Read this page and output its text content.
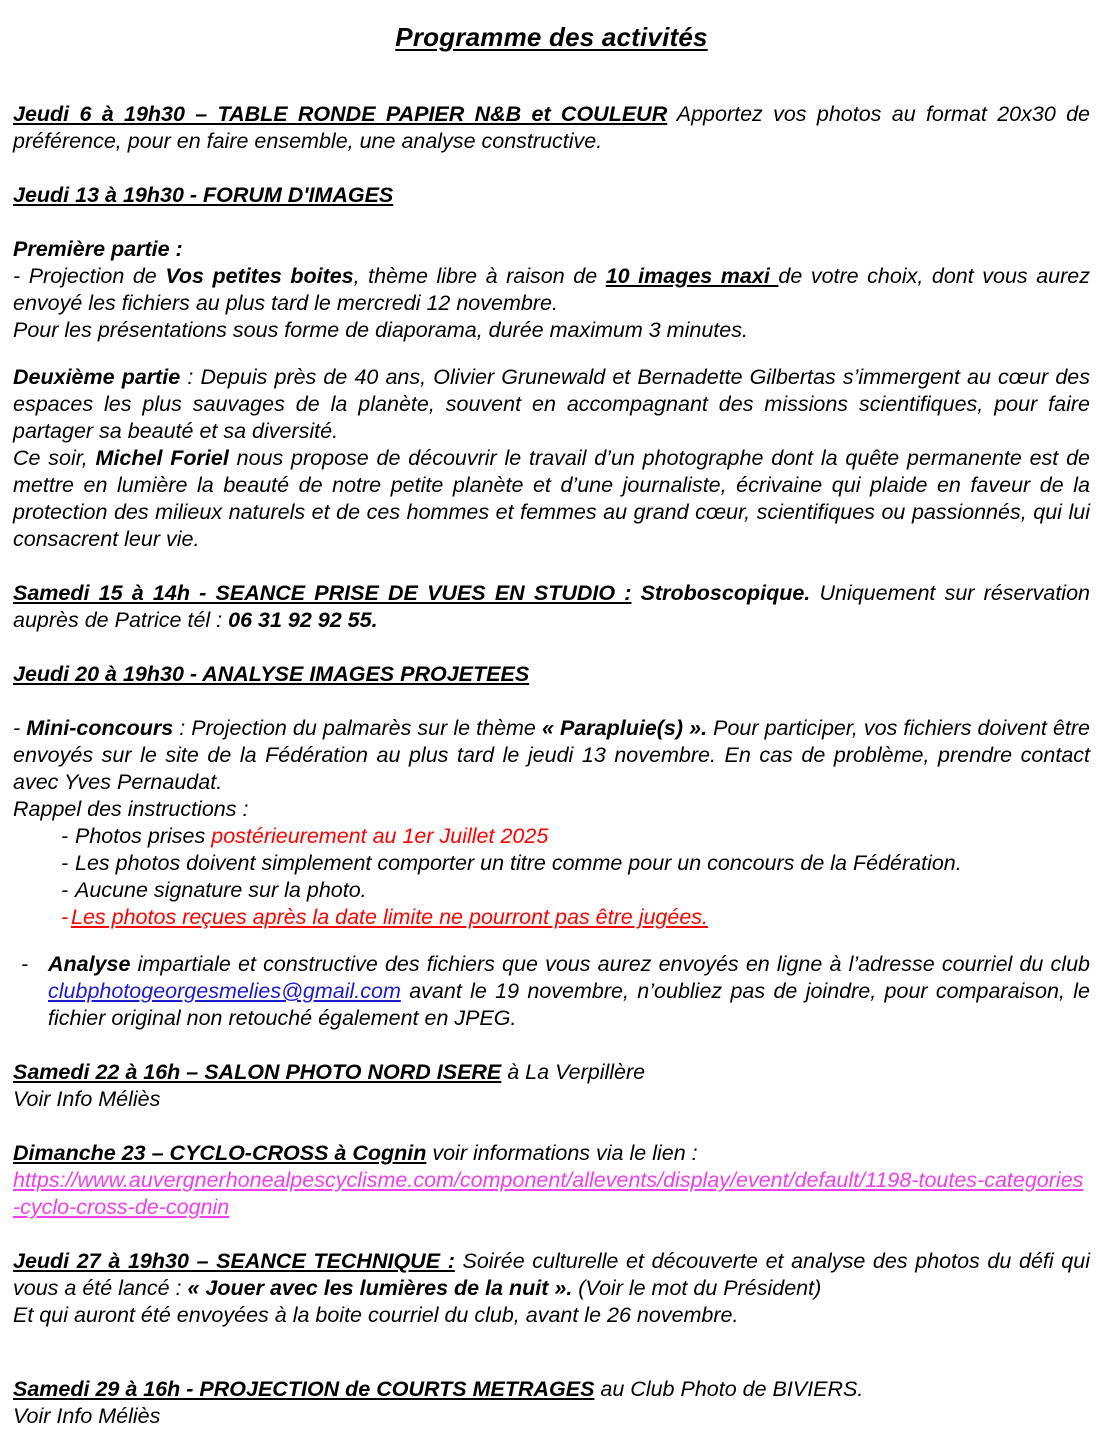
Programme des activités

Jeudi 6 à 19h30 – TABLE RONDE PAPIER N&B et COULEUR Apportez vos photos au format 20x30 de préférence, pour en faire ensemble, une analyse constructive.

Jeudi 13 à 19h30 - FORUM D'IMAGES

Première partie :

- Projection de Vos petites boites, thème libre à raison de 10 images maxi de votre choix, dont vous aurez envoyé les fichiers au plus tard le mercredi 12 novembre.

Pour les présentations sous forme de diaporama, durée maximum 3 minutes.

Deuxième partie : Depuis près de 40 ans, Olivier Grunewald et Bernadette Gilbertas s’immergent au cœur des espaces les plus sauvages de la planète, souvent en accompagnant des missions scientifiques, pour faire partager sa beauté et sa diversité.

Ce soir, Michel Foriel nous propose de découvrir le travail d’un photographe dont la quête permanente est de mettre en lumière la beauté de notre petite planète et d’une journaliste, écrivaine qui plaide en faveur de la protection des milieux naturels et de ces hommes et femmes au grand cœur, scientifiques ou passionnés, qui lui consacrent leur vie.

Samedi 15 à 14h - SEANCE PRISE DE VUES EN STUDIO : Stroboscopique. Uniquement sur réservation auprès de Patrice tél : 06 31 92 92 55.

Jeudi 20 à 19h30 - ANALYSE IMAGES PROJETEES

- Mini-concours : Projection du palmarès sur le thème « Parapluie(s) ». Pour participer, vos fichiers doivent être envoyés sur le site de la Fédération au plus tard le jeudi 13 novembre. En cas de problème, prendre contact avec Yves Pernaudat.

Rappel des instructions :

- Photos prises postérieurement au 1er Juillet 2025
- Les photos doivent simplement comporter un titre comme pour un concours de la Fédération.
- Aucune signature sur la photo.
- Les photos reçues après la date limite ne pourront pas être jugées.
- Analyse impartiale et constructive des fichiers que vous aurez envoyés en ligne à l’adresse courriel du club clubphotogeorgesmelies@gmail.com avant le 19 novembre, n’oubliez pas de joindre, pour comparaison, le fichier original non retouché également en JPEG.

Samedi 22 à 16h – SALON PHOTO NORD ISERE à La Verpillère

Voir Info Méliès

Dimanche 23 – CYCLO-CROSS à Cognin voir informations via le lien :

https://www.auvergnerhonealpescyclisme.com/component/allevents/display/event/default/1198-toutes-categories-cyclo-cross-de-cognin

Jeudi 27 à 19h30 – SEANCE TECHNIQUE : Soirée culturelle et découverte et analyse des photos du défi qui vous a été lancé : « Jouer avec les lumières de la nuit ». (Voir le mot du Président)

Et qui auront été envoyées à la boite courriel du club, avant le 26 novembre.

Samedi 29 à 16h - PROJECTION de COURTS METRAGES au Club Photo de BIVIERS.

Voir Info Méliès
